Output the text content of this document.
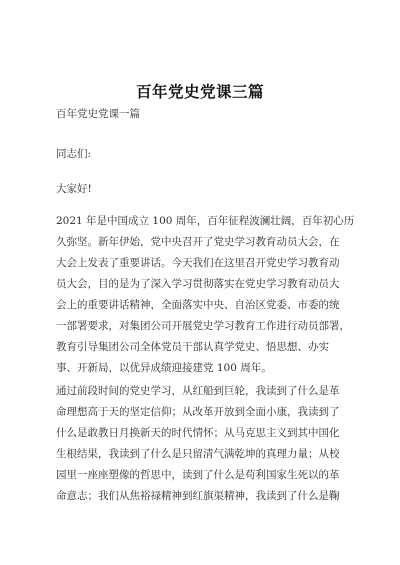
百年党史党课三篇
百年党史党课一篇
同志们:
大家好!

2021 年是中国成立 100 周年，百年征程波澜壮阔，百年初心历
久弥坚。新年伊始，党中央召开了党史学习教育动员大会，在
大会上发表了重要讲话。今天我们在这里召开党史学习教育动
员大会，目的是为了深入学习贯彻落实在党史学习教育动员大
会上的重要讲话精神，全面落实中央、自治区党委、市委的统
一部署要求，对集团公司开展党史学习教育工作进行动员部署，
教育引导集团公司全体党员干部认真学党史、悟思想、办实
事、开新局，以优异成绩迎接建党 100 周年。

通过前段时间的党史学习，从红船到巨轮，我读到了什么是革
命理想高于天的坚定信仰；从改革开放到全面小康，我读到了
什么是敢教日月换新天的时代情怀；从马克思主义到其中国化
生根结果，我读到了什么是只留清气满乾坤的真理力量；从校
园里一座座塑像的哲思中，读到了什么是苟利国家生死以的革
命意志；我们从焦裕禄精神到红旗渠精神，我读到了什么是鞠
